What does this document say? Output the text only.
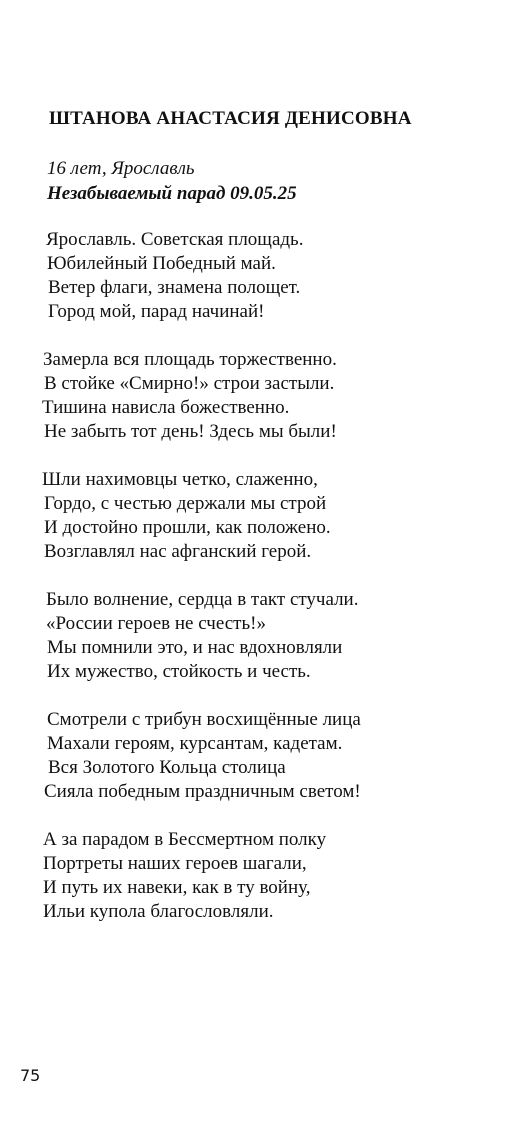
ШТАНОВА АНАСТАСИЯ ДЕНИСОВНА
16 лет, Ярославль
Незабываемый парад 09.05.25
Ярославль. Советская площадь.
Юбилейный Победный май.
Ветер флаги, знамена полощет.
Город мой, парад начинай!
Замерла вся площадь торжественно.
В стойке «Смирно!» строи застыли.
Тишина нависла божественно.
Не забыть тот день! Здесь мы были!
Шли нахимовцы четко, слаженно,
Гордо, с честью держали мы строй
И достойно прошли, как положено.
Возглавлял нас афганский герой.
Было волнение, сердца в такт стучали.
«России героев не счесть!»
Мы помнили это, и нас вдохновляли
Их мужество, стойкость и честь.
Смотрели с трибун восхищённые лица
Махали героям, курсантам, кадетам.
Вся Золотого Кольца столица
Сияла победным праздничным светом!
А за парадом в Бессмертном полку
Портреты наших героев шагали,
И путь их навеки, как в ту войну,
Ильи купола благословляли.
75
